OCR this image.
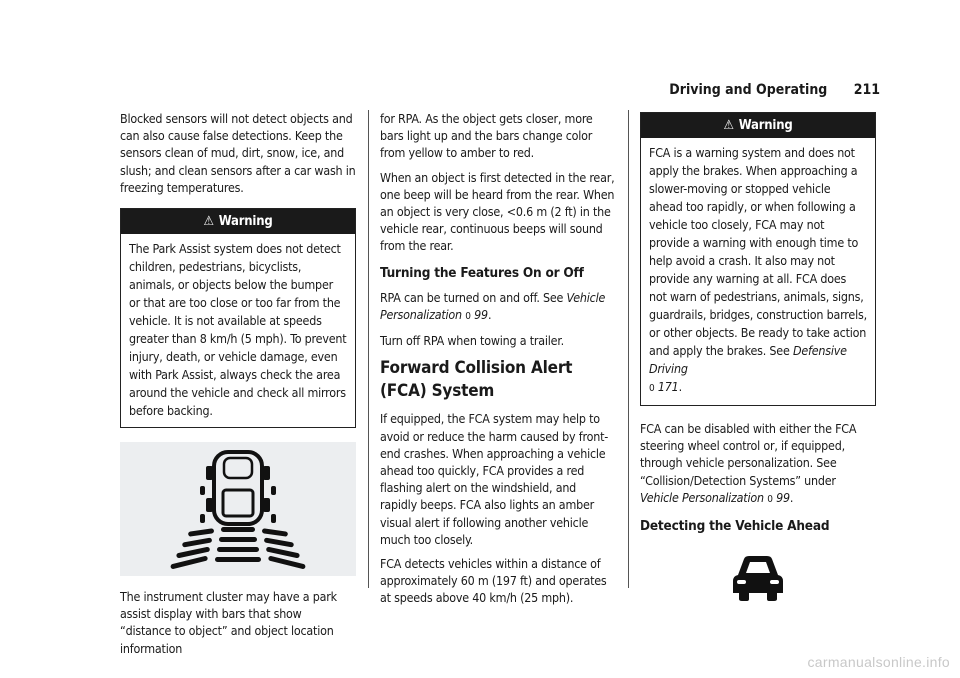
Driving and Operating 211

Blocked sensors will not detect objects and can also cause false detections. Keep the sensors clean of mud, dirt, snow, ice, and slush; and clean sensors after a car wash in freezing temperatures.

⚠ Warning
The Park Assist system does not detect children, pedestrians, bicyclists, animals, or objects below the bumper or that are too close or too far from the vehicle. It is not available at speeds greater than 8 km/h (5 mph). To prevent injury, death, or vehicle damage, even with Park Assist, always check the area around the vehicle and check all mirrors before backing.

The instrument cluster may have a park assist display with bars that show “distance to object” and object location information

for RPA. As the object gets closer, more bars light up and the bars change color from yellow to amber to red.

When an object is first detected in the rear, one beep will be heard from the rear. When an object is very close, <0.6 m (2 ft) in the vehicle rear, continuous beeps will sound from the rear.

Turning the Features On or Off

RPA can be turned on and off. See Vehicle Personalization 0 99.

Turn off RPA when towing a trailer.

Forward Collision Alert (FCA) System

If equipped, the FCA system may help to avoid or reduce the harm caused by front-end crashes. When approaching a vehicle ahead too quickly, FCA provides a red flashing alert on the windshield, and rapidly beeps. FCA also lights an amber visual alert if following another vehicle much too closely.

FCA detects vehicles within a distance of approximately 60 m (197 ft) and operates at speeds above 40 km/h (25 mph).

⚠ Warning
FCA is a warning system and does not apply the brakes. When approaching a slower-moving or stopped vehicle ahead too rapidly, or when following a vehicle too closely, FCA may not provide a warning with enough time to help avoid a crash. It also may not provide any warning at all. FCA does not warn of pedestrians, animals, signs, guardrails, bridges, construction barrels, or other objects. Be ready to take action and apply the brakes. See Defensive Driving
0 171.

FCA can be disabled with either the FCA steering wheel control or, if equipped, through vehicle personalization. See “Collision/Detection Systems” under Vehicle Personalization 0 99.

Detecting the Vehicle Ahead
carmanualsonline.info
